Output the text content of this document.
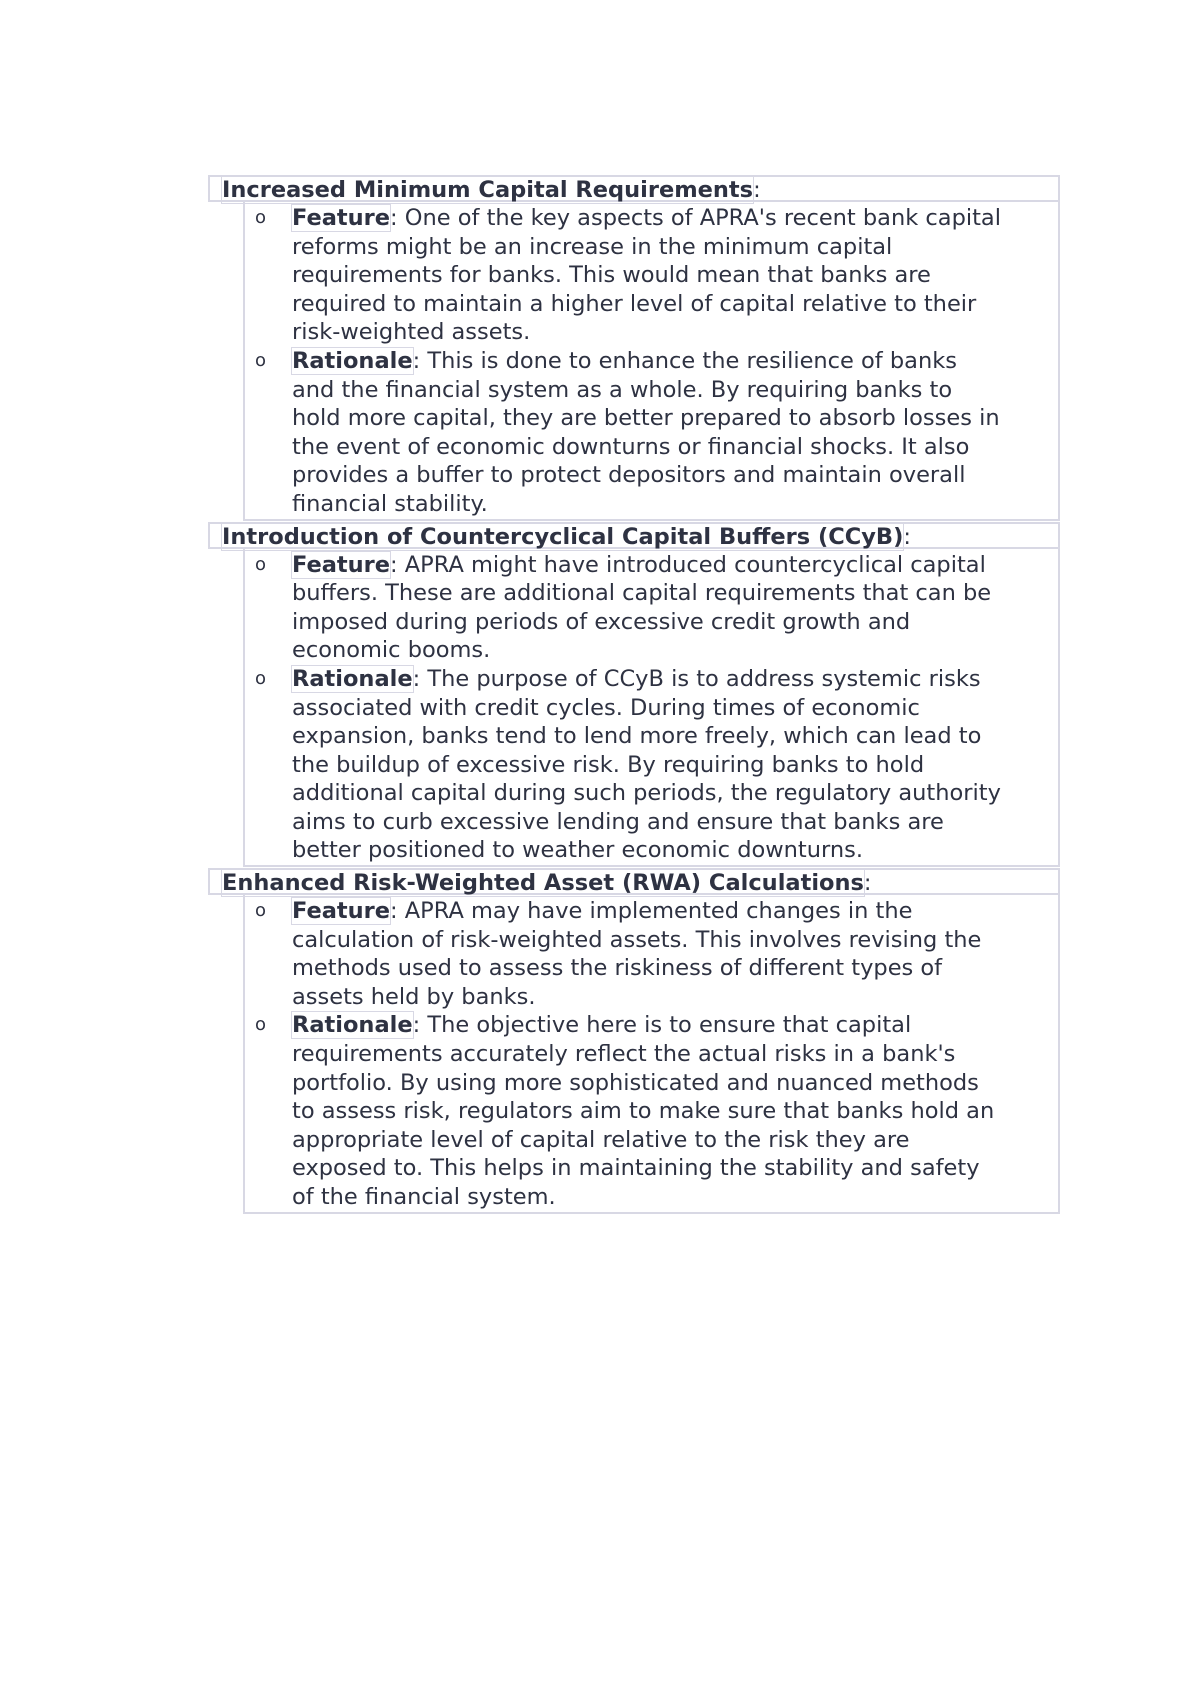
Increased Minimum Capital Requirements:
o Feature: One of the key aspects of APRA's recent bank capital
reforms might be an increase in the minimum capital
requirements for banks. This would mean that banks are
required to maintain a higher level of capital relative to their
risk-weighted assets.
o Rationale: This is done to enhance the resilience of banks
and the financial system as a whole. By requiring banks to
hold more capital, they are better prepared to absorb losses in
the event of economic downturns or financial shocks. It also
provides a buffer to protect depositors and maintain overall
financial stability.
Introduction of Countercyclical Capital Buffers (CCyB):
o Feature: APRA might have introduced countercyclical capital
buffers. These are additional capital requirements that can be
imposed during periods of excessive credit growth and
economic booms.
o Rationale: The purpose of CCyB is to address systemic risks
associated with credit cycles. During times of economic
expansion, banks tend to lend more freely, which can lead to
the buildup of excessive risk. By requiring banks to hold
additional capital during such periods, the regulatory authority
aims to curb excessive lending and ensure that banks are
better positioned to weather economic downturns.
Enhanced Risk-Weighted Asset (RWA) Calculations:
o Feature: APRA may have implemented changes in the
calculation of risk-weighted assets. This involves revising the
methods used to assess the riskiness of different types of
assets held by banks.
o Rationale: The objective here is to ensure that capital
requirements accurately reflect the actual risks in a bank's
portfolio. By using more sophisticated and nuanced methods
to assess risk, regulators aim to make sure that banks hold an
appropriate level of capital relative to the risk they are
exposed to. This helps in maintaining the stability and safety
of the financial system.
